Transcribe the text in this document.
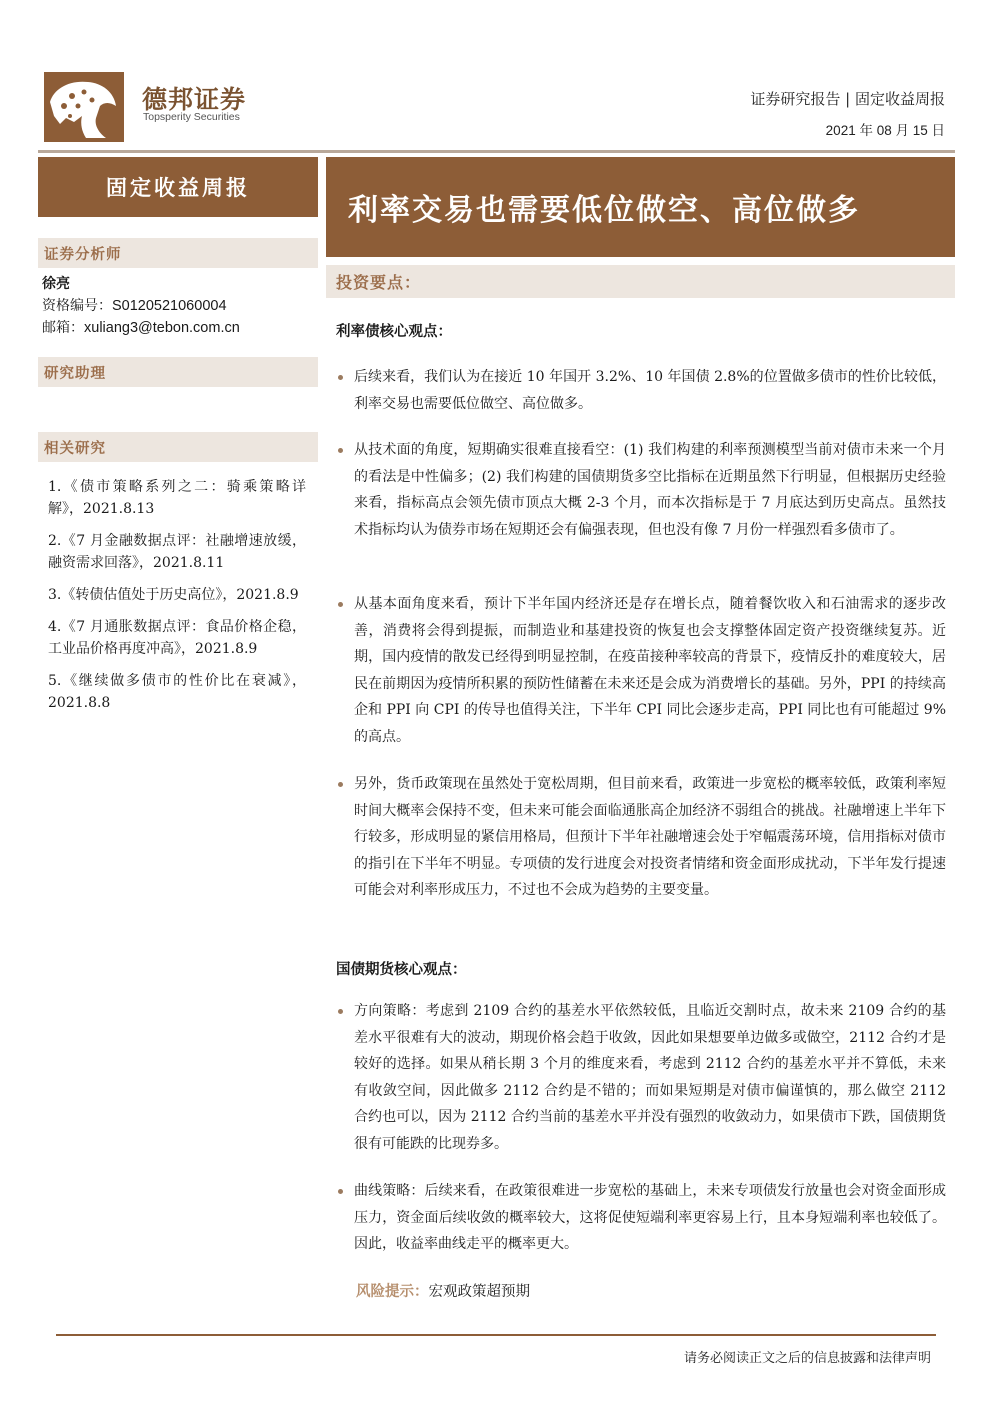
德邦证券
Topsperity Securities
证券研究报告 | 固定收益周报
2021 年 08 月 15 日
固定收益周报
证券分析师
徐亮
资格编号：S0120521060004
邮箱：xuliang3@tebon.com.cn
研究助理
相关研究
1.《债市策略系列之二：骑乘策略详解》，2021.8.13
2.《7 月金融数据点评：社融增速放缓，融资需求回落》，2021.8.11
3.《转债估值处于历史高位》，2021.8.9
4.《7 月通胀数据点评：食品价格企稳，工业品价格再度冲高》，2021.8.9
5.《继续做多债市的性价比在衰减》，2021.8.8
利率交易也需要低位做空、高位做多
投资要点：
利率债核心观点：
后续来看，我们认为在接近 10 年国开 3.2%、10 年国债 2.8%的位置做多债市的性价比较低，利率交易也需要低位做空、高位做多。
从技术面的角度，短期确实很难直接看空：(1) 我们构建的利率预测模型当前对债市未来一个月的看法是中性偏多；(2) 我们构建的国债期货多空比指标在近期虽然下行明显，但根据历史经验来看，指标高点会领先债市顶点大概 2-3 个月，而本次指标是于 7 月底达到历史高点。虽然技术指标均认为债券市场在短期还会有偏强表现，但也没有像 7 月份一样强烈看多债市了。
从基本面角度来看，预计下半年国内经济还是存在增长点，随着餐饮收入和石油需求的逐步改善，消费将会得到提振，而制造业和基建投资的恢复也会支撑整体固定资产投资继续复苏。近期，国内疫情的散发已经得到明显控制，在疫苗接种率较高的背景下，疫情反扑的难度较大，居民在前期因为疫情所积累的预防性储蓄在未来还是会成为消费增长的基础。另外，PPI 的持续高企和 PPI 向 CPI 的传导也值得关注，下半年 CPI 同比会逐步走高，PPI 同比也有可能超过 9%的高点。
另外，货币政策现在虽然处于宽松周期，但目前来看，政策进一步宽松的概率较低，政策利率短时间大概率会保持不变，但未来可能会面临通胀高企加经济不弱组合的挑战。社融增速上半年下行较多，形成明显的紧信用格局，但预计下半年社融增速会处于窄幅震荡环境，信用指标对债市的指引在下半年不明显。专项债的发行进度会对投资者情绪和资金面形成扰动，下半年发行提速可能会对利率形成压力，不过也不会成为趋势的主要变量。
国债期货核心观点：
方向策略：考虑到 2109 合约的基差水平依然较低，且临近交割时点，故未来 2109 合约的基差水平很难有大的波动，期现价格会趋于收敛，因此如果想要单边做多或做空，2112 合约才是较好的选择。如果从稍长期 3 个月的维度来看，考虑到 2112 合约的基差水平并不算低，未来有收敛空间，因此做多 2112 合约是不错的；而如果短期是对债市偏谨慎的，那么做空 2112 合约也可以，因为 2112 合约当前的基差水平并没有强烈的收敛动力，如果债市下跌，国债期货很有可能跌的比现券多。
曲线策略：后续来看，在政策很难进一步宽松的基础上，未来专项债发行放量也会对资金面形成压力，资金面后续收敛的概率较大，这将促使短端利率更容易上行，且本身短端利率也较低了。因此，收益率曲线走平的概率更大。
风险提示：宏观政策超预期
请务必阅读正文之后的信息披露和法律声明
